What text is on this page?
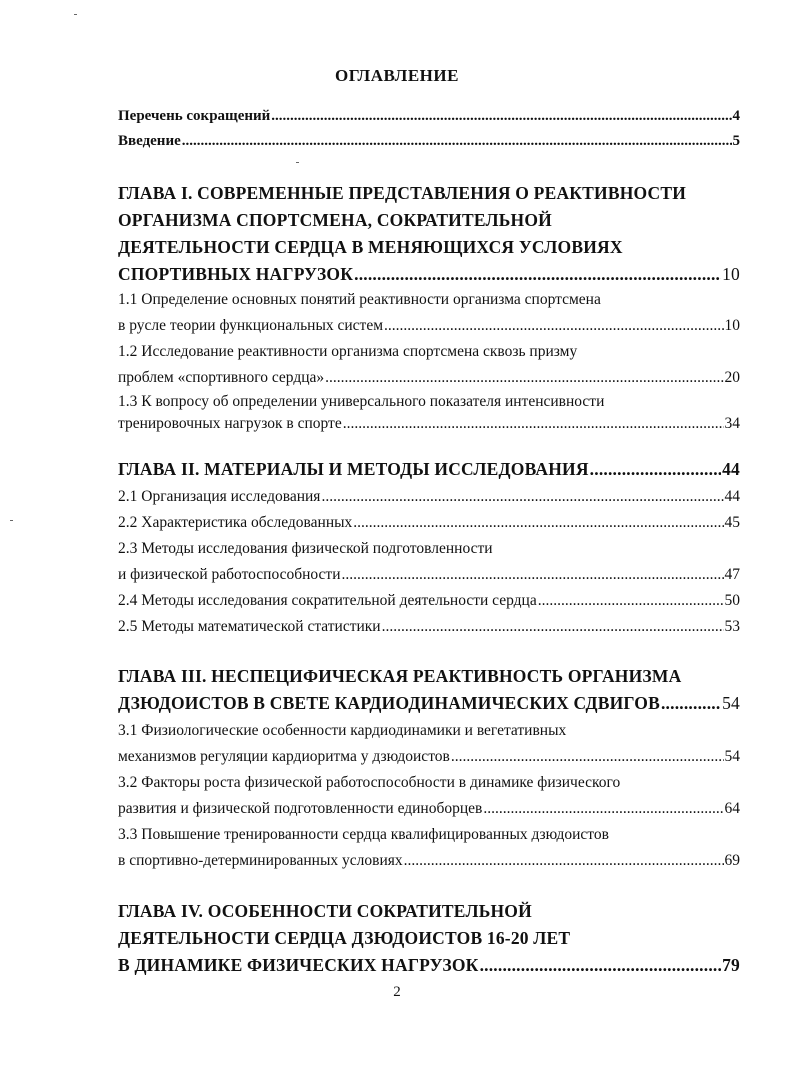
ОГЛАВЛЕНИЕ
Перечень сокращений .....	4
Введение .....	5
ГЛАВА I. СОВРЕМЕННЫЕ ПРЕДСТАВЛЕНИЯ О РЕАКТИВНОСТИ
ОРГАНИЗМА СПОРТСМЕНА, СОКРАТИТЕЛЬНОЙ
ДЕЯТЕЛЬНОСТИ СЕРДЦА В МЕНЯЮЩИХСЯ УСЛОВИЯХ
СПОРТИВНЫХ НАГРУЗОК .....	10
1.1 Определение основных понятий реактивности организма спортсмена
в русле теории функциональных систем .....	10
1.2 Исследование реактивности организма спортсмена сквозь призму
проблем «спортивного сердца» .....	20
1.3 К вопросу об определении универсального показателя интенсивности
тренировочных нагрузок в спорте .....	34
ГЛАВА II. МАТЕРИАЛЫ И МЕТОДЫ ИССЛЕДОВАНИЯ .....	44
2.1 Организация исследования .....	44
2.2 Характеристика обследованных .....	45
2.3 Методы исследования физической подготовленности
и физической работоспособности .....	47
2.4 Методы исследования сократительной деятельности сердца .....	50
2.5 Методы математической статистики .....	53
ГЛАВА III. НЕСПЕЦИФИЧЕСКАЯ РЕАКТИВНОСТЬ ОРГАНИЗМА
ДЗЮДОИСТОВ В СВЕТЕ КАРДИОДИНАМИЧЕСКИХ СДВИГОВ .....	54
3.1 Физиологические особенности кардиодинамики и вегетативных
механизмов регуляции кардиоритма у дзюдоистов .....	54
3.2 Факторы роста физической работоспособности в динамике физического
развития и физической подготовленности единоборцев .....	64
3.3 Повышение тренированности сердца квалифицированных дзюдоистов
в спортивно-детерминированных условиях .....	69
ГЛАВА IV. ОСОБЕННОСТИ СОКРАТИТЕЛЬНОЙ
ДЕЯТЕЛЬНОСТИ СЕРДЦА ДЗЮДОИСТОВ 16-20 ЛЕТ
В ДИНАМИКЕ ФИЗИЧЕСКИХ НАГРУЗОК .....	79
2
